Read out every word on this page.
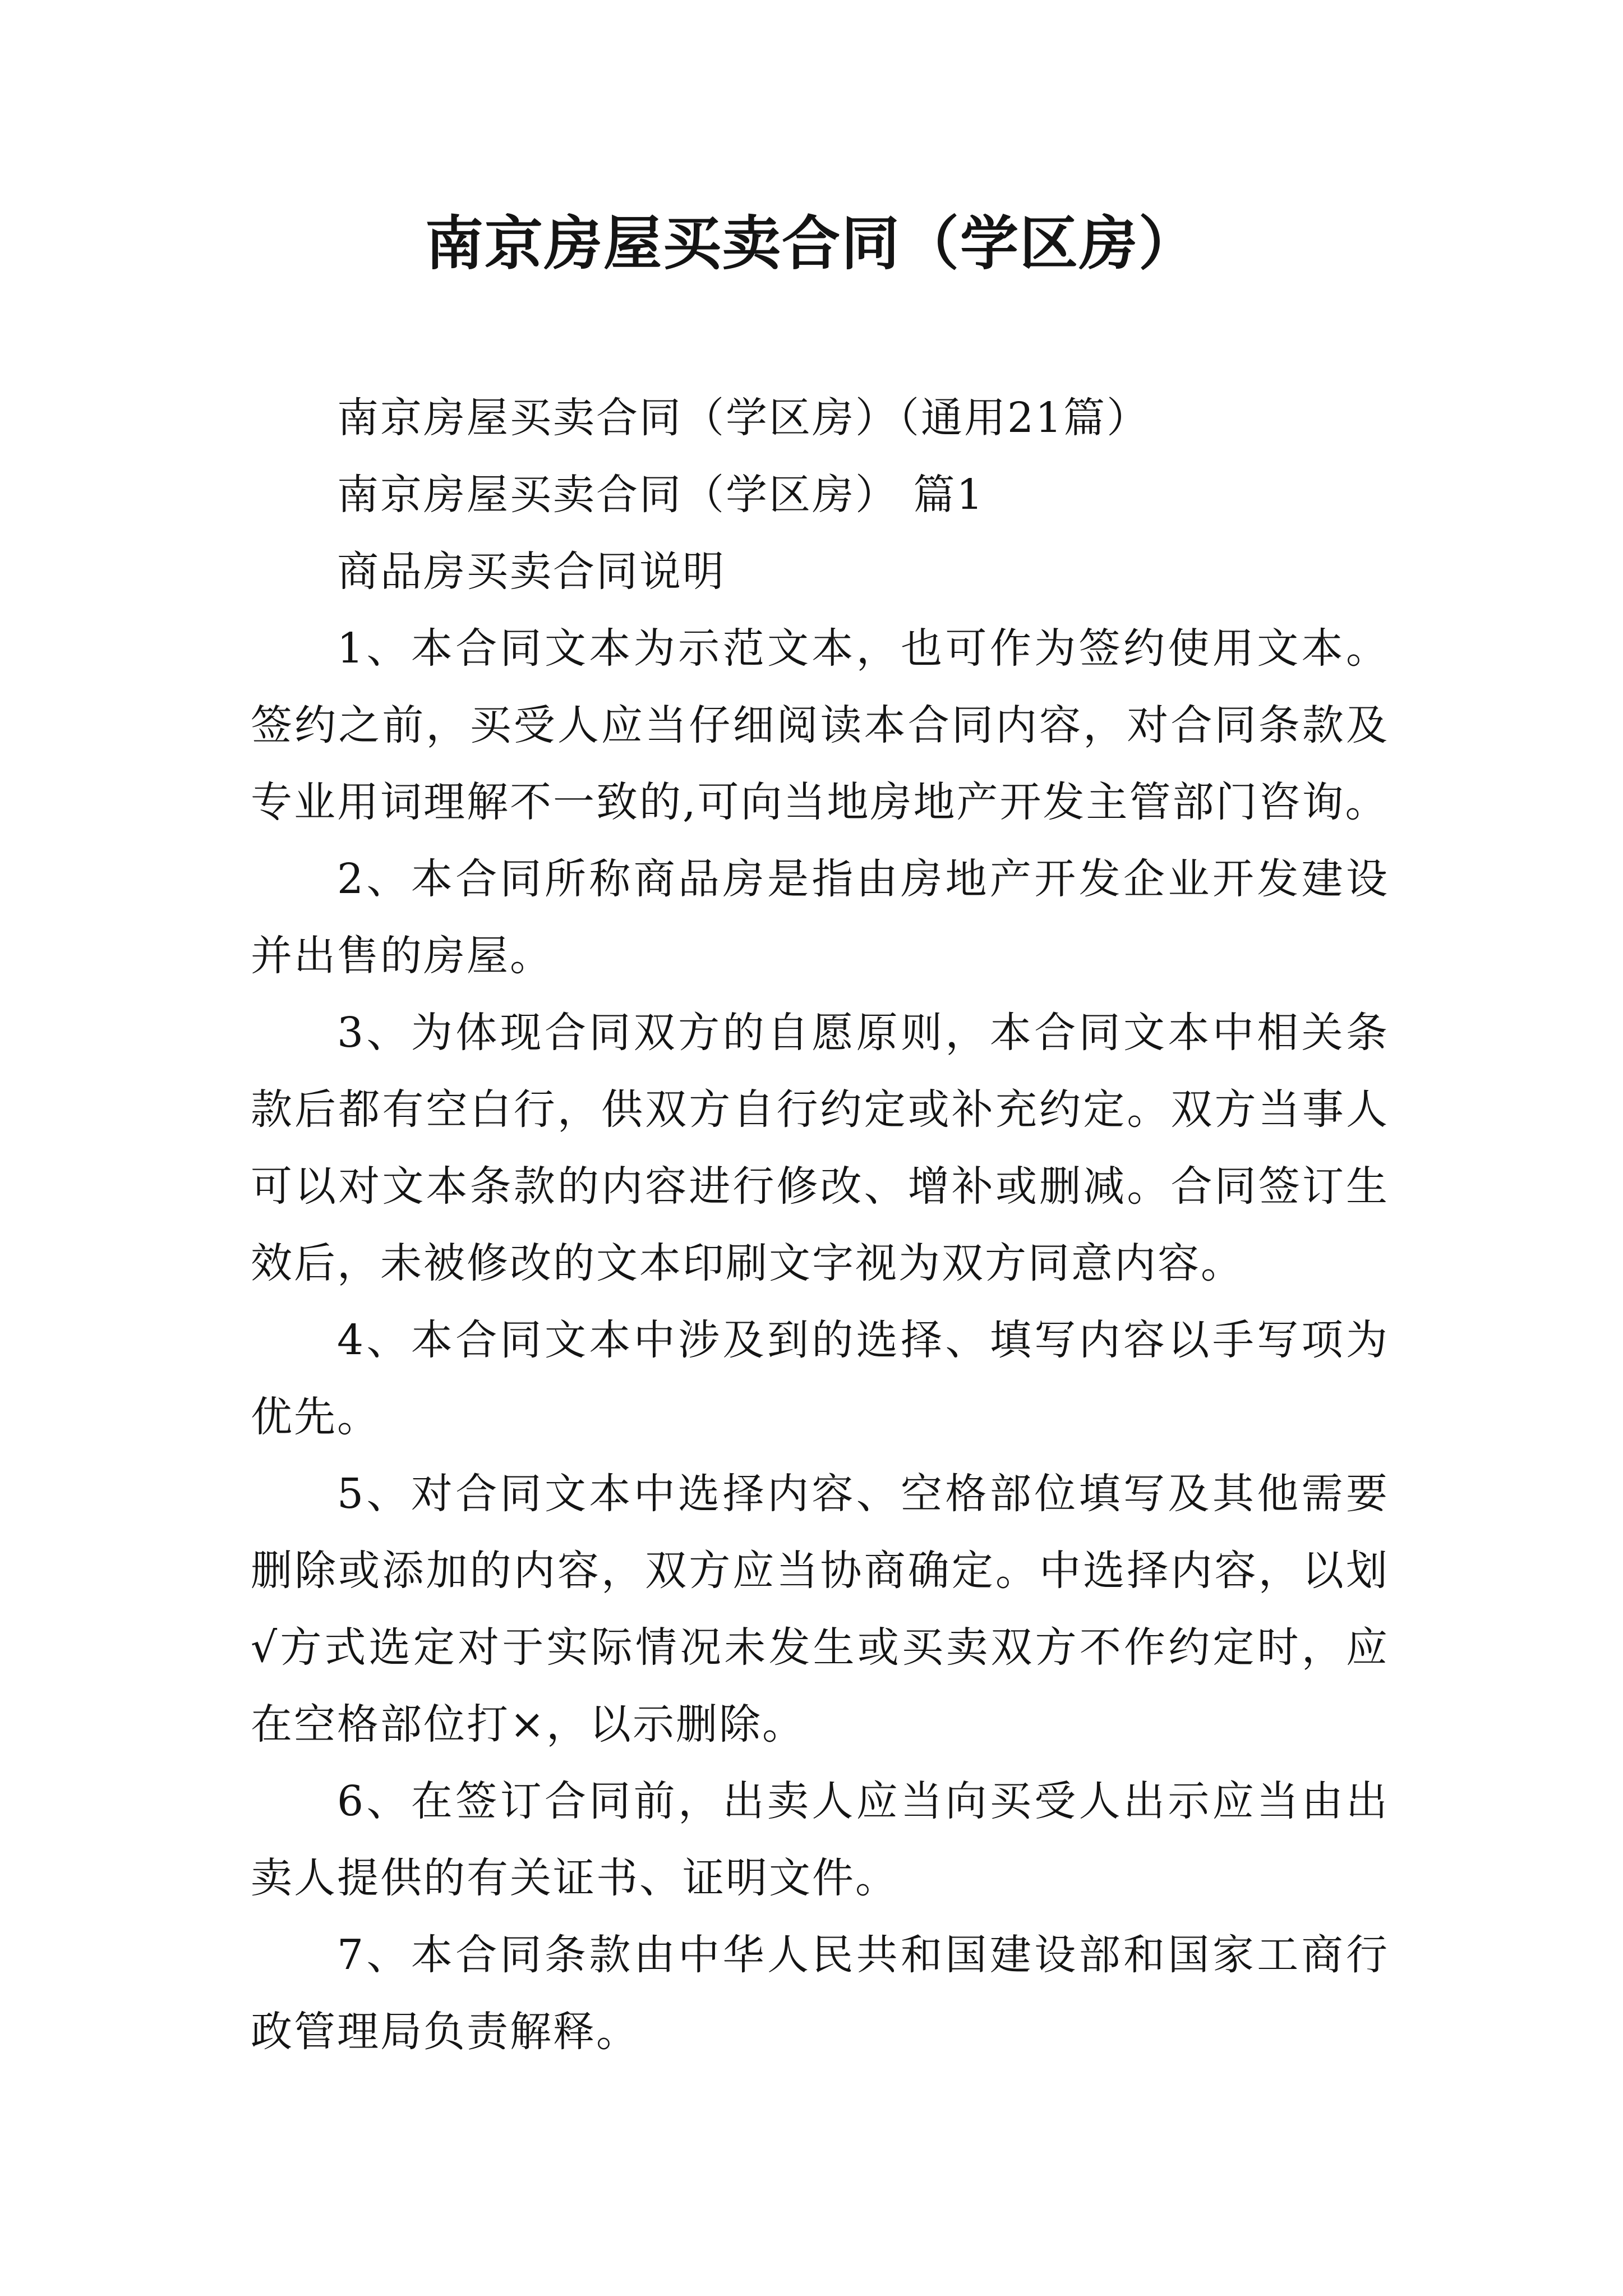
南京房屋买卖合同（学区房）
南京房屋买卖合同（学区房）（通用21篇）
南京房屋买卖合同（学区房） 篇1
商品房买卖合同说明
1、本合同文本为示范文本，也可作为签约使用文本。
签约之前，买受人应当仔细阅读本合同内容，对合同条款及
专业用词理解不一致的,可向当地房地产开发主管部门咨询。
2、本合同所称商品房是指由房地产开发企业开发建设
并出售的房屋。
3、为体现合同双方的自愿原则，本合同文本中相关条
款后都有空白行，供双方自行约定或补充约定。双方当事人
可以对文本条款的内容进行修改、增补或删减。合同签订生
效后，未被修改的文本印刷文字视为双方同意内容。
4、本合同文本中涉及到的选择、填写内容以手写项为
优先。
5、对合同文本中选择内容、空格部位填写及其他需要
删除或添加的内容，双方应当协商确定。中选择内容，以划
√方式选定对于实际情况未发生或买卖双方不作约定时，应
在空格部位打×，以示删除。
6、在签订合同前，出卖人应当向买受人出示应当由出
卖人提供的有关证书、证明文件。
7、本合同条款由中华人民共和国建设部和国家工商行
政管理局负责解释。
